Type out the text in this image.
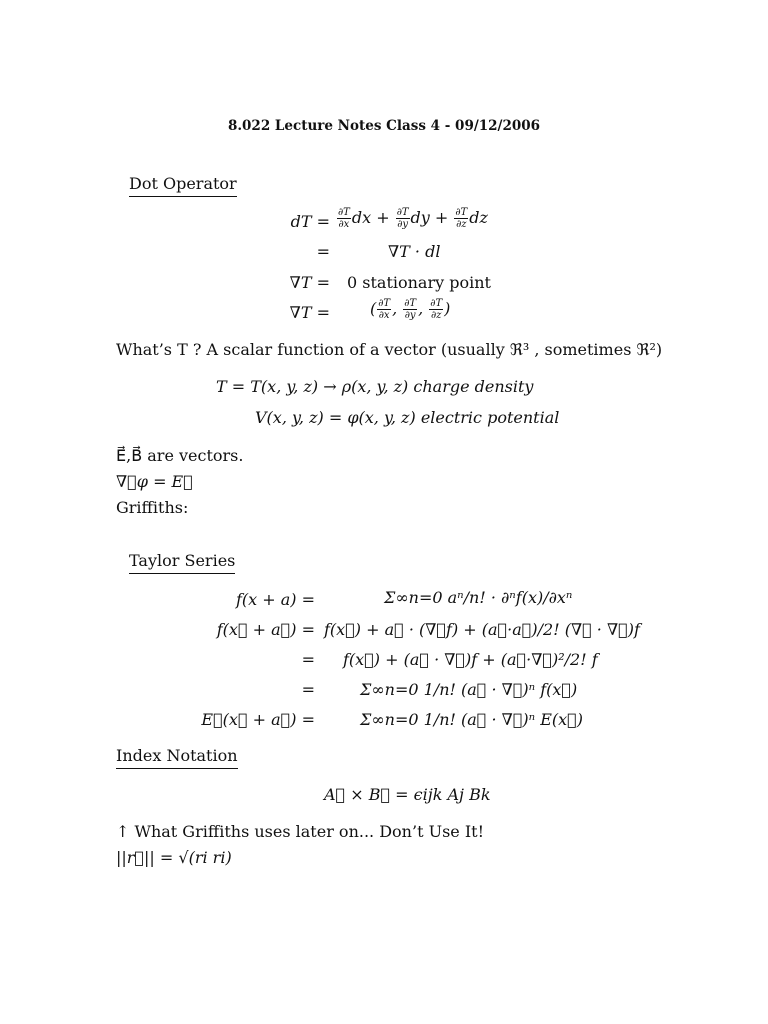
8.022 Lecture Notes Class 4 - 09/12/2006
Dot Operator
dT = $\frac{\partial T}{\partial x}$ dx + $\frac{\partial T}{\partial y}$ dy + $\frac{\partial T}{\partial z}$ dz
=	∇T · dl
∇T = 0 stationary point
∇T =	( $\frac{\partial T}{\partial x}$ , $\frac{\partial T}{\partial y}$ , $\frac{\partial T}{\partial z}$ )
What’s T ? A scalar function of a vector (usually ℜ³ , sometimes ℜ²)
T = T(x, y, z) → ρ(x, y, z) charge density
V(x, y, z) = φ(x, y, z) electric potential
E⃗,B⃗ are vectors.
∇⃗φ = E⃗
Griffiths:
Taylor Series
f(x + a) =	Σ∞n=0 aⁿ/n! · ∂ⁿf(x)/∂xⁿ
f(x⃗ + a⃗) = f(x⃗) + a⃗ · (∇⃗f) + (a⃗·a⃗)/2! (∇⃗ · ∇⃗)f
= f(x⃗) + (a⃗ · ∇⃗)f + (a⃗·∇⃗)²/2! f
=	Σ∞n=0 1/n! (a⃗ · ∇⃗)ⁿ f(x⃗)
E⃗(x⃗ + a⃗) =	Σ∞n=0 1/n! (a⃗ · ∇⃗)ⁿ E(x⃗)
Index Notation
A⃗ × B⃗ = ϵijk Aj Bk
↑ What Griffiths uses later on... Don’t Use It!
||r⃗|| = √(ri ri)
